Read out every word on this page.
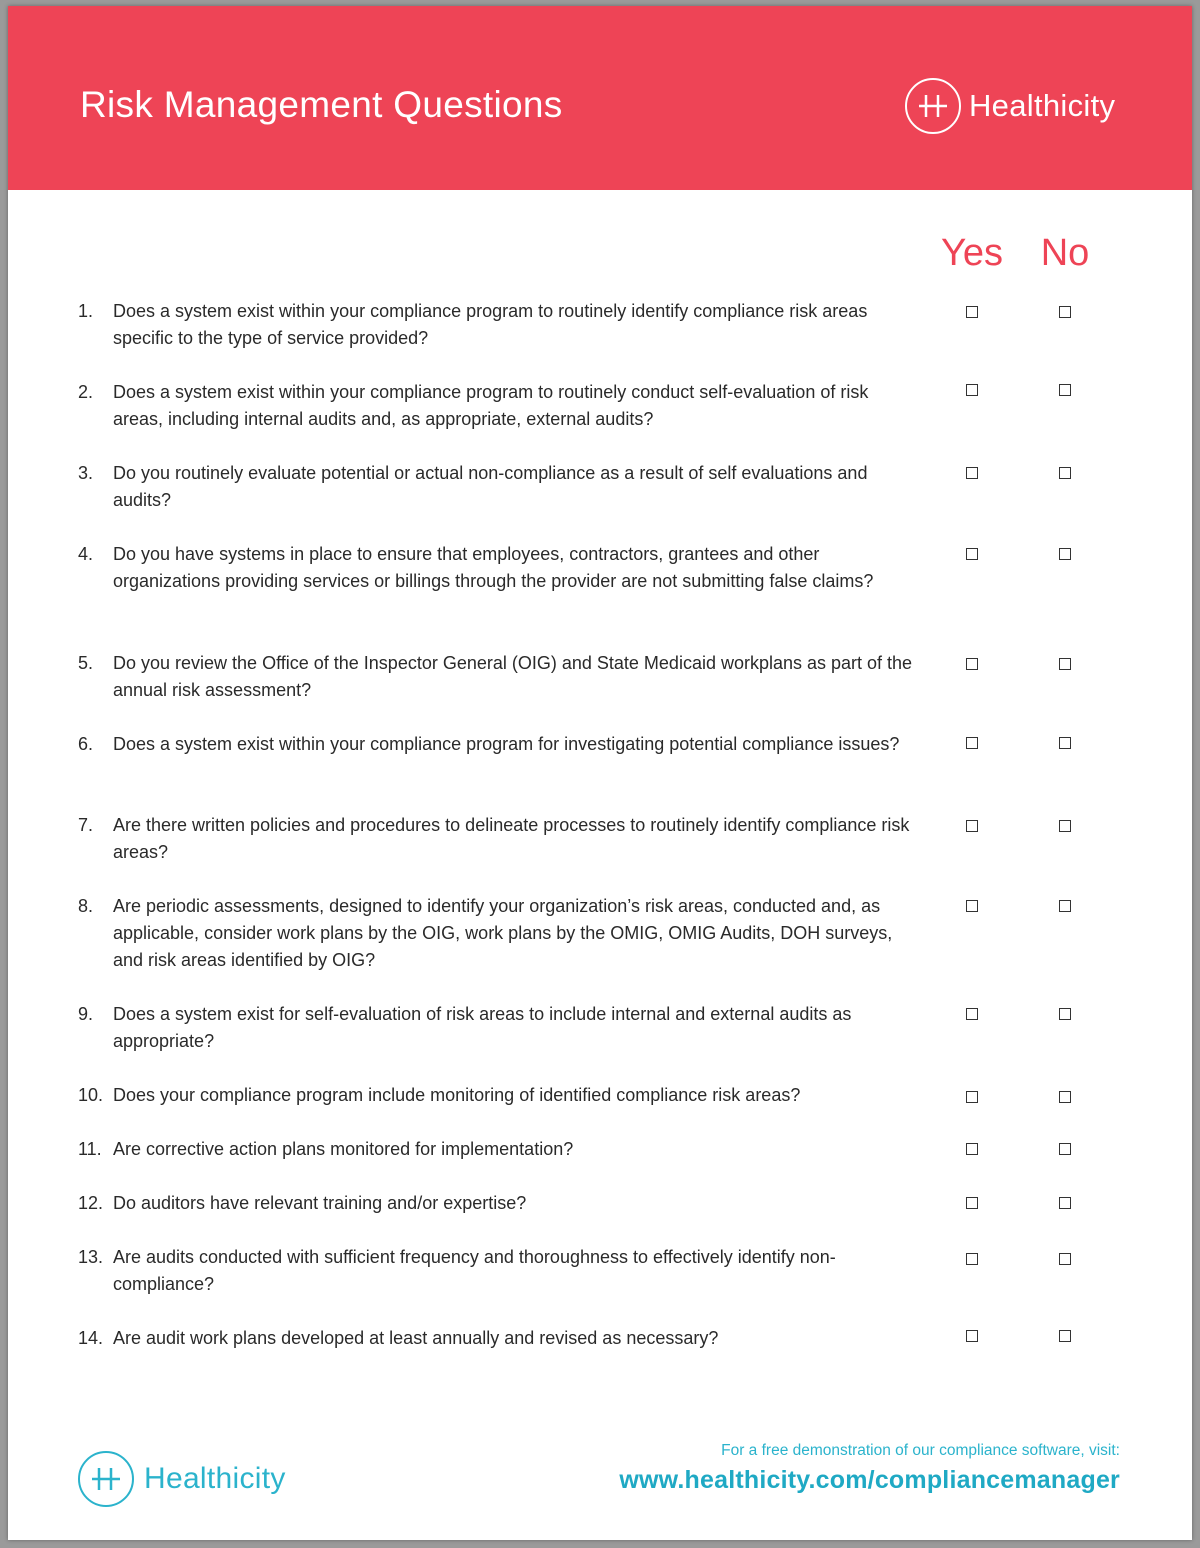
Risk Management Questions	Healthicity
Yes No
1.	Does a system exist within your compliance program to routinely identify compliance risk areas specific to the type of service provided?
2.	Does a system exist within your compliance program to routinely conduct self-evaluation of risk areas, including internal audits and, as appropriate, external audits?
3.	Do you routinely evaluate potential or actual non-compliance as a result of self evaluations and audits?
4.	Do you have systems in place to ensure that employees, contractors, grantees and other organizations providing services or billings through the provider are not submitting false claims?
5.	Do you review the Office of the Inspector General (OIG) and State Medicaid workplans as part of the annual risk assessment?
6.	Does a system exist within your compliance program for investigating potential compliance issues?
7.	Are there written policies and procedures to delineate processes to routinely identify compliance risk areas?
8.	Are periodic assessments, designed to identify your organization’s risk areas, conducted and, as applicable, consider work plans by the OIG, work plans by the OMIG, OMIG Audits, DOH surveys, and risk areas identified by OIG?
9.	Does a system exist for self-evaluation of risk areas to include internal and external audits as appropriate?
10. Does your compliance program include monitoring of identified compliance risk areas?
11. Are corrective action plans monitored for implementation?
12. Do auditors have relevant training and/or expertise?
13. Are audits conducted with sufficient frequency and thoroughness to effectively identify non- compliance?
14. Are audit work plans developed at least annually and revised as necessary?
Healthicity
For a free demonstration of our compliance software, visit:
www.healthicity.com/compliancemanager
